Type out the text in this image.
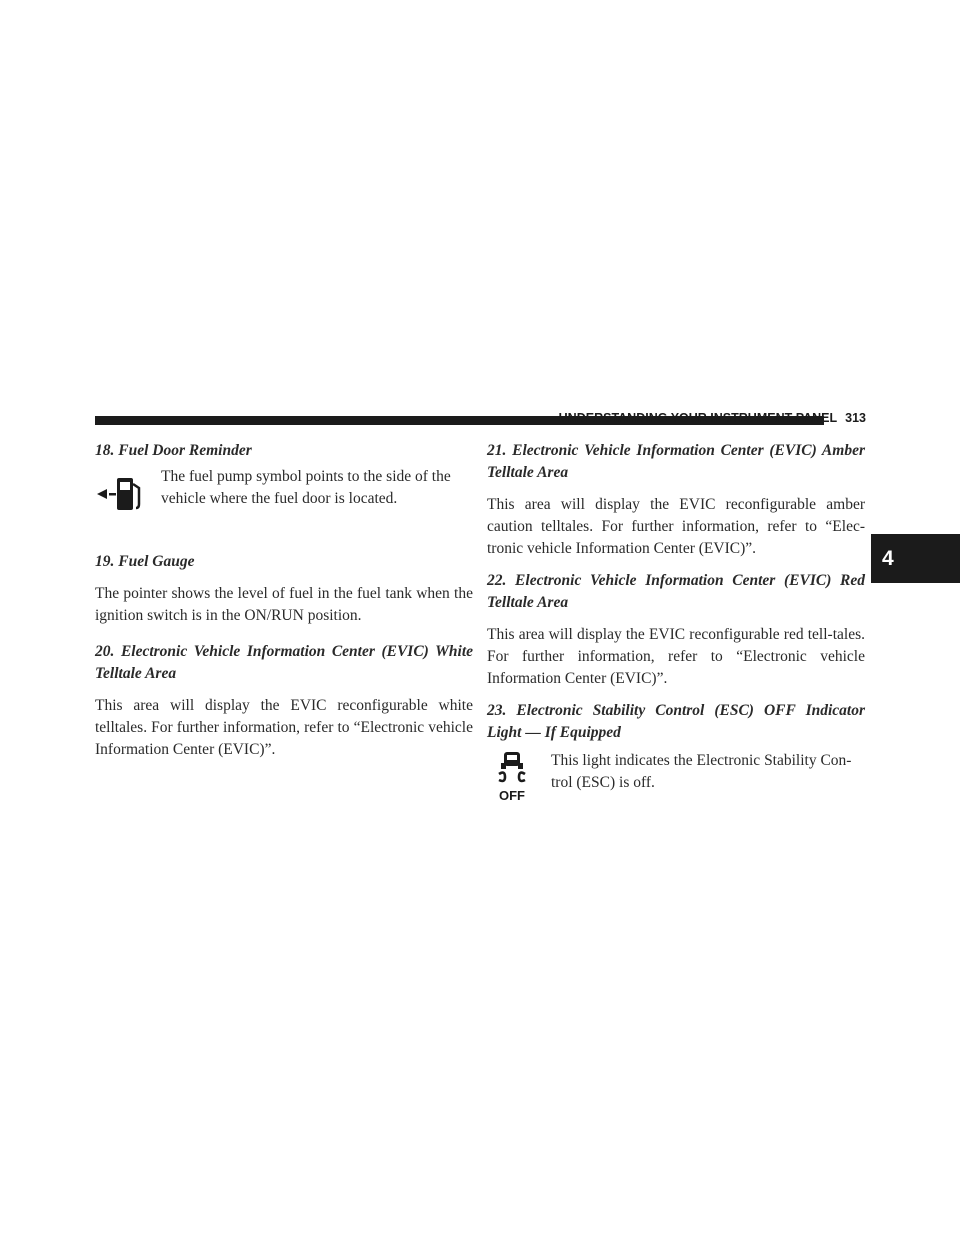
UNDERSTANDING YOUR INSTRUMENT PANEL 313
4

18. Fuel Door Reminder

The fuel pump symbol points to the side of the vehicle where the fuel door is located.

19. Fuel Gauge

The pointer shows the level of fuel in the fuel tank when the ignition switch is in the ON/RUN position.

20. Electronic Vehicle Information Center (EVIC) White Telltale Area

This area will display the EVIC reconfigurable white telltales. For further information, refer to “Electronic vehicle Information Center (EVIC)”.

21. Electronic Vehicle Information Center (EVIC) Amber Telltale Area

This area will display the EVIC reconfigurable amber caution telltales. For further information, refer to “Elec-tronic vehicle Information Center (EVIC)”.

22. Electronic Vehicle Information Center (EVIC) Red Telltale Area

This area will display the EVIC reconfigurable red tell-tales. For further information, refer to “Electronic vehicle Information Center (EVIC)”.

23. Electronic Stability Control (ESC) OFF Indicator Light — If Equipped

OFF

This light indicates the Electronic Stability Con-trol (ESC) is off.
